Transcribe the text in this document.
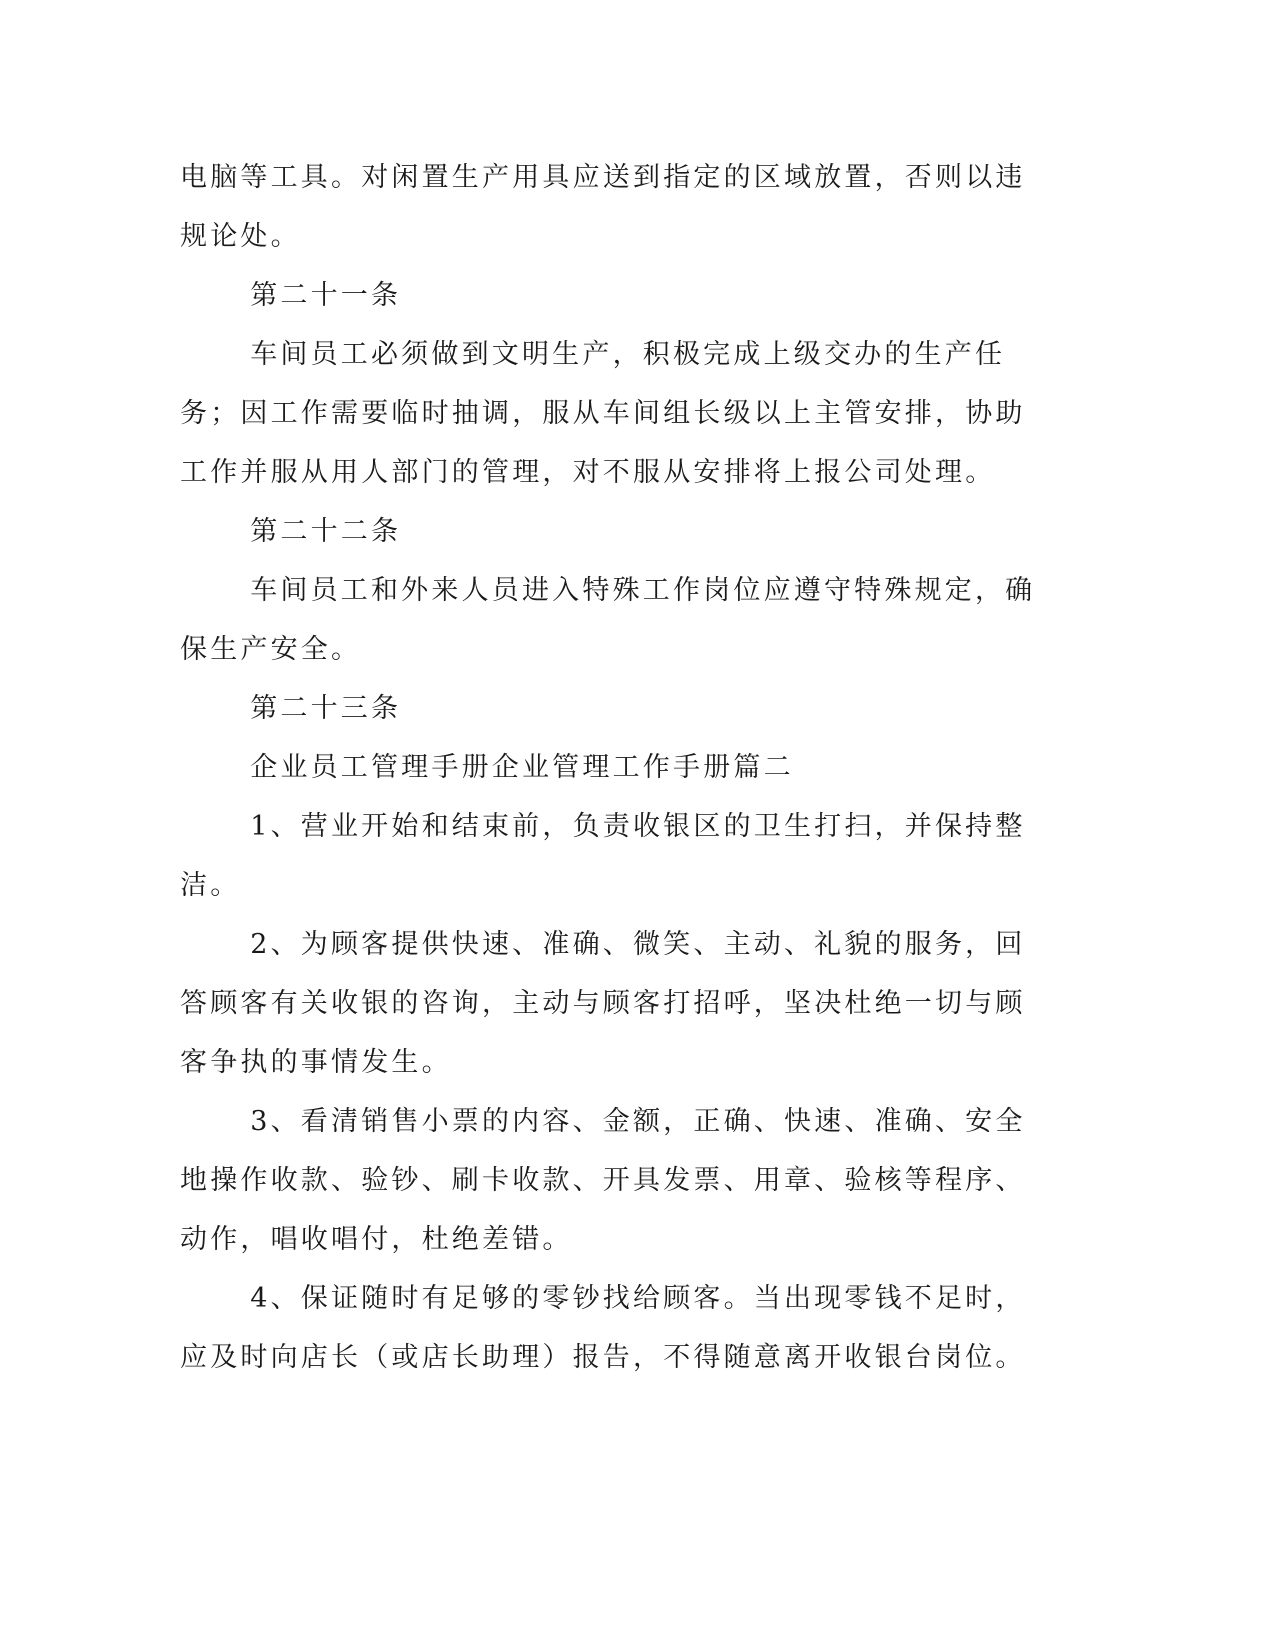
电脑等工具。对闲置生产用具应送到指定的区域放置，否则以违规论处。

第二十一条

车间员工必须做到文明生产，积极完成上级交办的生产任务；因工作需要临时抽调，服从车间组长级以上主管安排，协助工作并服从用人部门的管理，对不服从安排将上报公司处理。

第二十二条

车间员工和外来人员进入特殊工作岗位应遵守特殊规定，确保生产安全。

第二十三条

企业员工管理手册企业管理工作手册篇二

1、营业开始和结束前，负责收银区的卫生打扫，并保持整洁。

2、为顾客提供快速、准确、微笑、主动、礼貌的服务，回答顾客有关收银的咨询，主动与顾客打招呼，坚决杜绝一切与顾客争执的事情发生。

3、看清销售小票的内容、金额，正确、快速、准确、安全地操作收款、验钞、刷卡收款、开具发票、用章、验核等程序、动作，唱收唱付，杜绝差错。

4、保证随时有足够的零钞找给顾客。当出现零钱不足时，应及时向店长（或店长助理）报告，不得随意离开收银台岗位。
